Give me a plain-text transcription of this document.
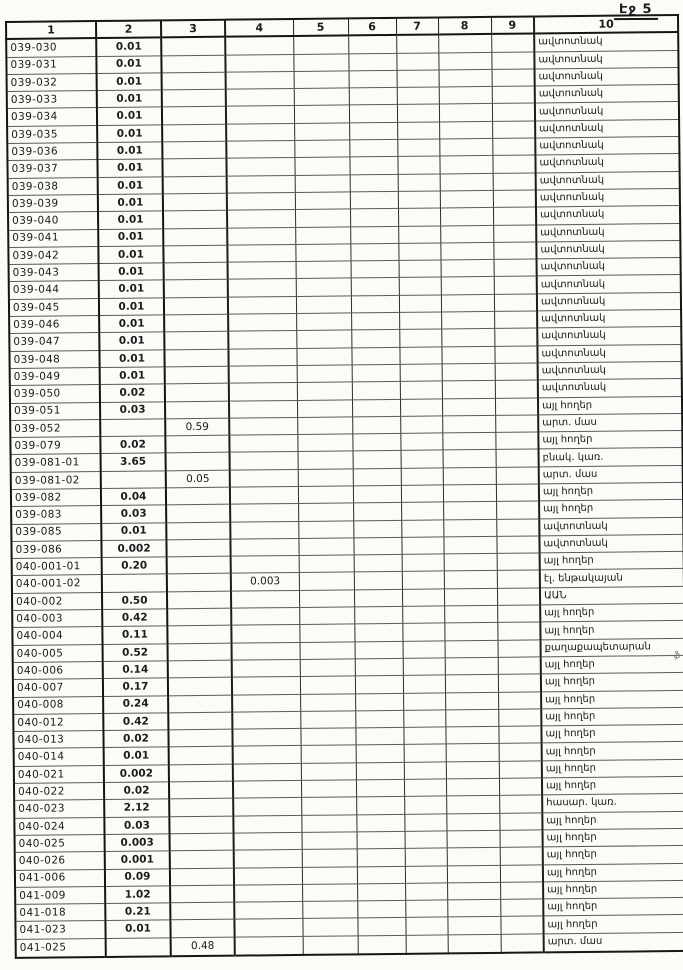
Էջ 5
1	2	3	4	5	6	7	8	9	10
039-030	0.01								ավտոտնակ
039-031	0.01								ավտոտնակ
039-032	0.01								ավտոտնակ
039-033	0.01								ավտոտնակ
039-034	0.01								ավտոտնակ
039-035	0.01								ավտոտնակ
039-036	0.01								ավտոտնակ
039-037	0.01								ավտոտնակ
039-038	0.01								ավտոտնակ
039-039	0.01								ավտոտնակ
039-040	0.01								ավտոտնակ
039-041	0.01								ավտոտնակ
039-042	0.01								ավտոտնակ
039-043	0.01								ավտոտնակ
039-044	0.01								ավտոտնակ
039-045	0.01								ավտոտնակ
039-046	0.01								ավտոտնակ
039-047	0.01								ավտոտնակ
039-048	0.01								ավտոտնակ
039-049	0.01								ավտոտնակ
039-050	0.02								ավտոտնակ
039-051	0.03								այլ հողեր
039-052		0.59							արտ. մաս
039-079	0.02								այլ հողեր
039-081-01	3.65								բնակ. կառ.
039-081-02		0.05							արտ. մաս
039-082	0.04								այլ հողեր
039-083	0.03								այլ հողեր
039-085	0.01								ավտոտնակ
039-086	0.002								ավտոտնակ
040-001-01	0.20								այլ հողեր
040-001-02			0.003						էլ. ենթակայան
040-002	0.50								ԱԱՆ
040-003	0.42								այլ հողեր
040-004	0.11								այլ հողեր
040-005	0.52								քաղաքապետարան
040-006	0.14								այլ հողեր
040-007	0.17								այլ հողեր
040-008	0.24								այլ հողեր
040-012	0.42								այլ հողեր
040-013	0.02								այլ հողեր
040-014	0.01								այլ հողեր
040-021	0.002								այլ հողեր
040-022	0.02								այլ հողեր
040-023	2.12								հասար. կառ.
040-024	0.03								այլ հողեր
040-025	0.003								այլ հողեր
040-026	0.001								այլ հողեր
041-006	0.09								այլ հողեր
041-009	1.02								այլ հողեր
041-018	0.21								այլ հողեր
041-023	0.01								այլ հողեր
041-025		0.48							արտ. մաս
ֆ
